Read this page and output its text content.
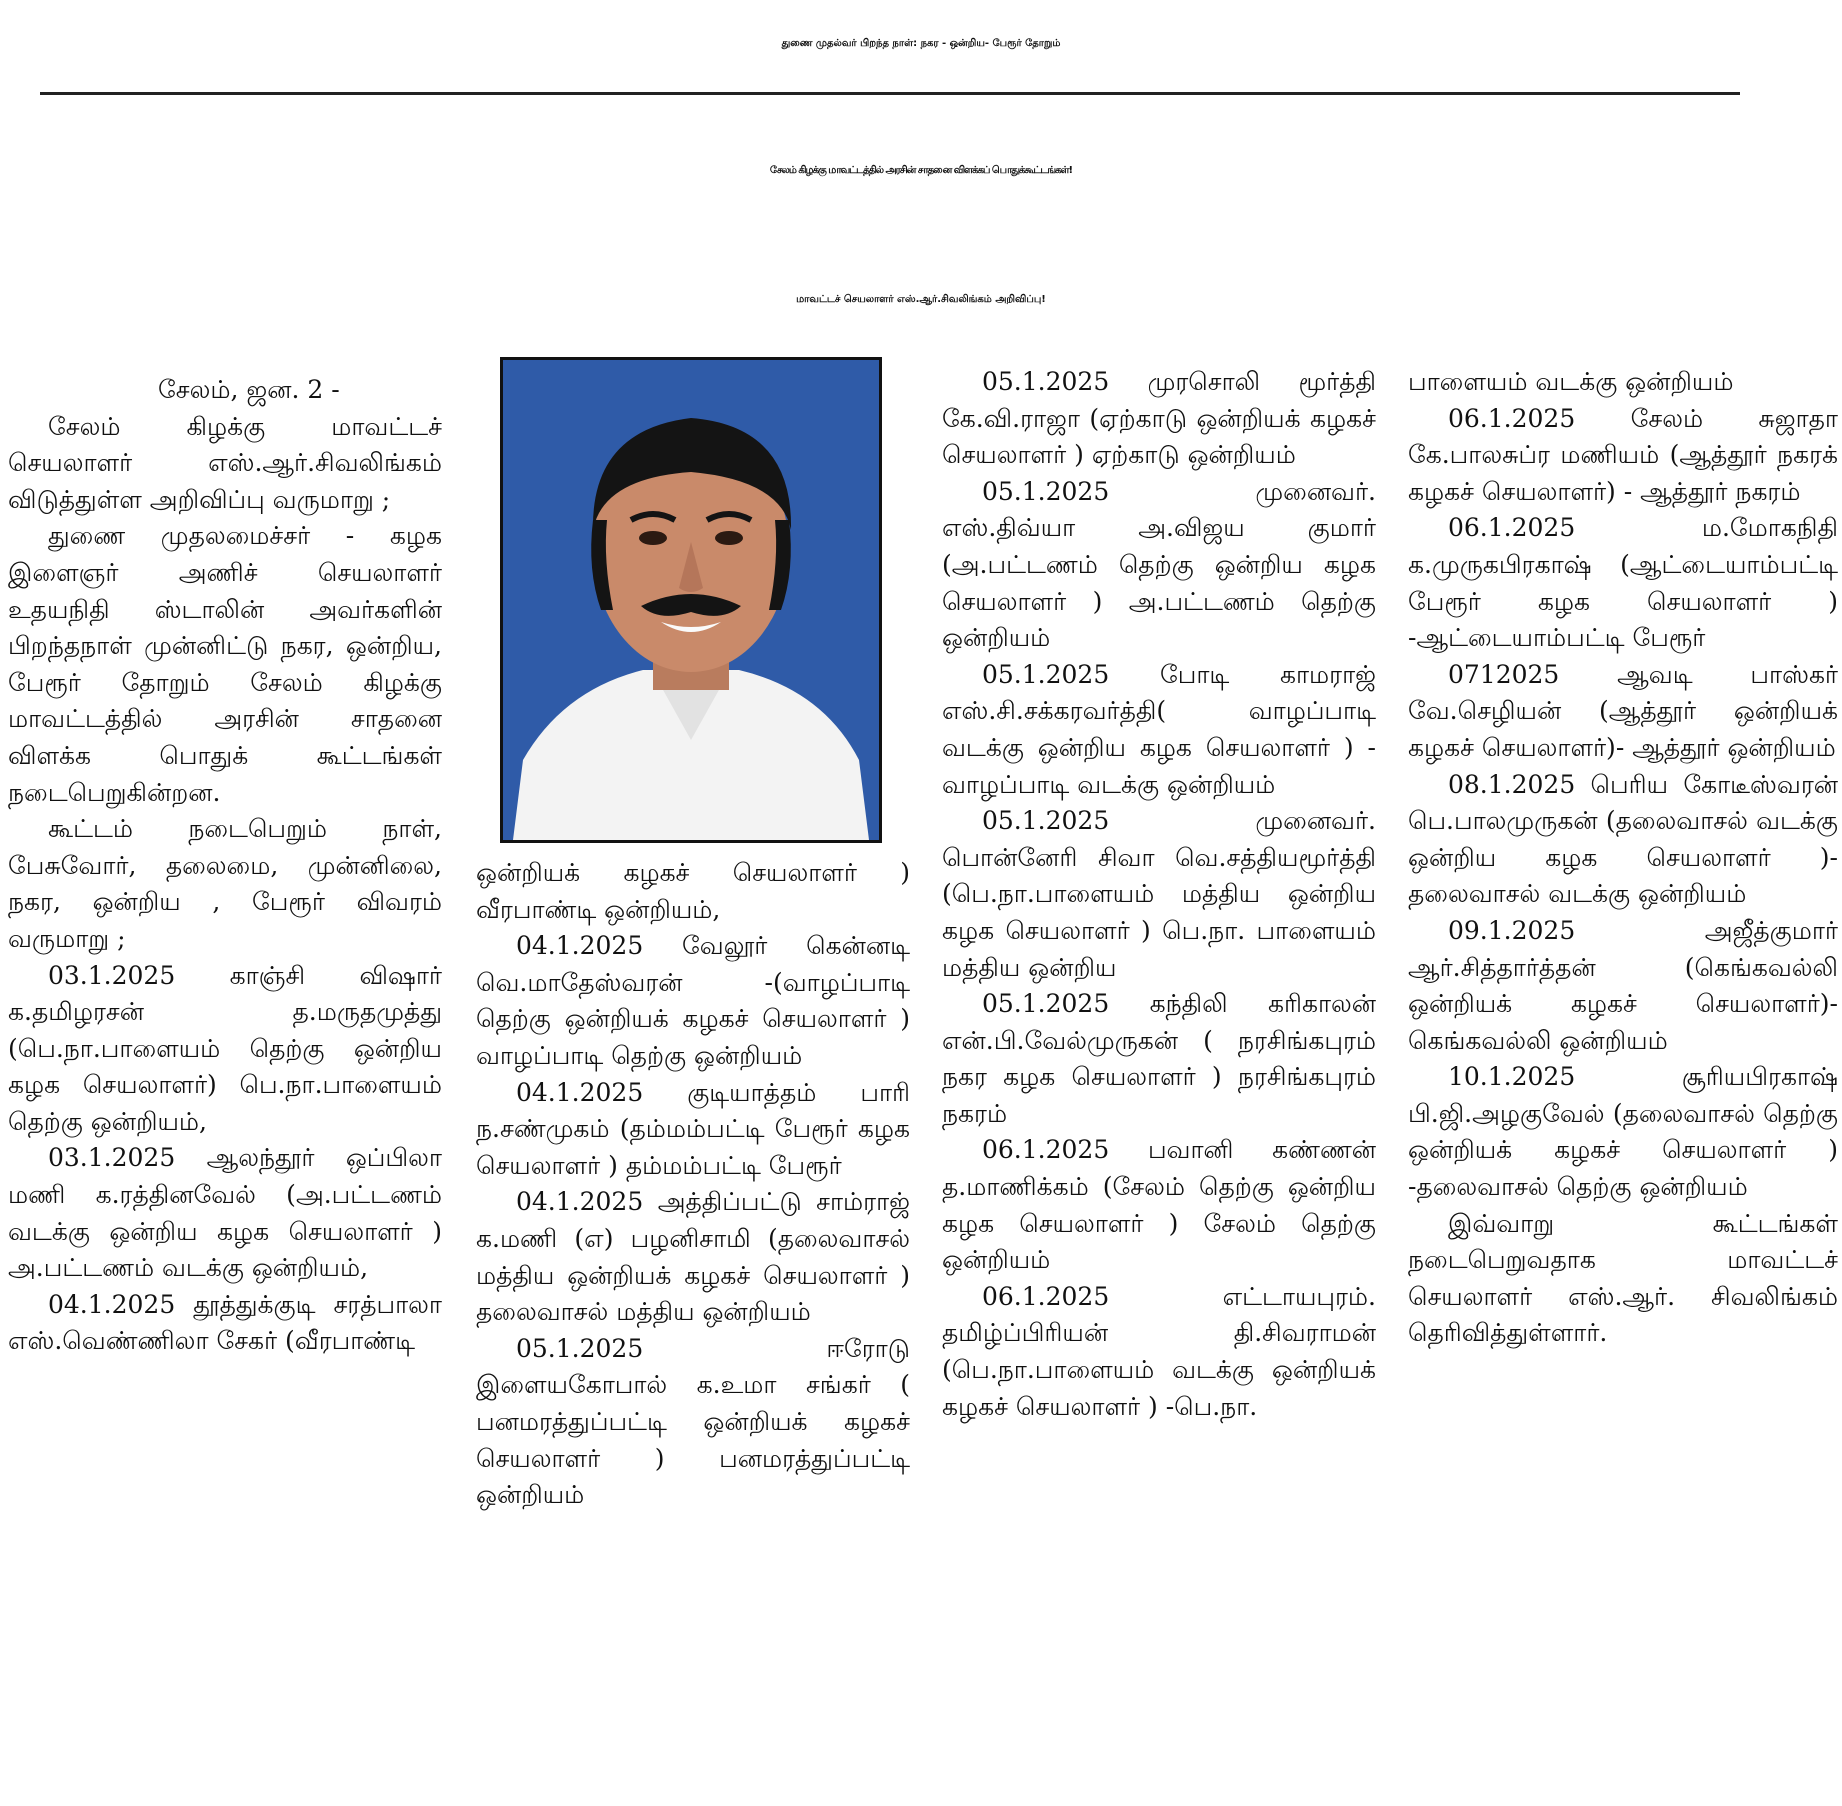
துணை முதல்வர் பிறந்த நாள்: நகர - ஒன்றிய- பேரூர் தோறும்
சேலம் கிழக்கு மாவட்டத்தில் அரசின் சாதனை விளக்கப் பொதுக்கூட்டங்கள்!
மாவட்டச் செயலாளர் எஸ்.ஆர்.சிவலிங்கம் அறிவிப்பு!

சேலம், ஜன. 2 -

சேலம் கிழக்கு மாவட்டச் செயலாளர் எஸ்.ஆர்.சிவலிங்கம் விடுத்துள்ள அறிவிப்பு வருமாறு ;

துணை முதலமைச்சர் - கழக இளைஞர் அணிச் செயலாளர் உதயநிதி ஸ்டாலின் அவர்களின் பிறந்தநாள் முன்னிட்டு நகர, ஒன்றிய, பேரூர் தோறும் சேலம் கிழக்கு மாவட்டத்தில் அரசின் சாதனை விளக்க பொதுக் கூட்டங்கள் நடைபெறுகின்றன.

கூட்டம் நடைபெறும் நாள், பேசுவோர், தலைமை, முன்னிலை, நகர, ஒன்றிய , பேரூர் விவரம் வருமாறு ;

03.1.2025 காஞ்சி விஷார் க.தமிழரசன் த.மருதமுத்து (பெ.நா.பாளையம் தெற்கு ஒன்றிய கழக செயலாளர்) பெ.நா.பாளையம் தெற்கு ஒன்றியம்,

03.1.2025 ஆலந்தூர் ஒப்பிலா மணி க.ரத்தினவேல் (அ.பட்டணம் வடக்கு ஒன்றிய கழக செயலாளர் ) அ.பட்டணம் வடக்கு ஒன்றியம்,

04.1.2025 தூத்துக்குடி சரத்பாலா எஸ்.வெண்ணிலா சேகர் (வீரபாண்டி

ஒன்றியக் கழகச் செயலாளர் ) வீரபாண்டி ஒன்றியம்,

04.1.2025 வேலூர் கென்னடி வெ.மாதேஸ்வரன் -(வாழப்பாடி தெற்கு ஒன்றியக் கழகச் செயலாளர் ) வாழப்பாடி தெற்கு ஒன்றியம்

04.1.2025 குடியாத்தம் பாரி ந.சண்முகம் (தம்மம்பட்டி பேரூர் கழக செயலாளர் ) தம்மம்பட்டி பேரூர்

04.1.2025 அத்திப்பட்டு சாம்ராஜ் க.மணி (எ) பழனிசாமி (தலைவாசல் மத்திய ஒன்றியக் கழகச் செயலாளர் ) தலைவாசல் மத்திய ஒன்றியம்

05.1.2025 ஈரோடு இளையகோபால் க.உமா சங்கர் ( பனமரத்துப்பட்டி ஒன்றியக் கழகச் செயலாளர் ) பனமரத்துப்பட்டி ஒன்றியம்

05.1.2025 முரசொலி மூர்த்தி கே.வி.ராஜா (ஏற்காடு ஒன்றியக் கழகச் செயலாளர் ) ஏற்காடு ஒன்றியம்

05.1.2025 முனைவர். எஸ்.திவ்யா அ.விஜய குமார் (அ.பட்டணம் தெற்கு ஒன்றிய கழக செயலாளர் ) அ.பட்டணம் தெற்கு ஒன்றியம்

05.1.2025 போடி காமராஜ் எஸ்.சி.சக்கரவர்த்தி( வாழப்பாடி வடக்கு ஒன்றிய கழக செயலாளர் ) - வாழப்பாடி வடக்கு ஒன்றியம்

05.1.2025 முனைவர். பொன்னேரி சிவா வெ.சத்தியமூர்த்தி (பெ.நா.பாளையம் மத்திய ஒன்றிய கழக செயலாளர் ) பெ.நா. பாளையம் மத்திய ஒன்றிய

05.1.2025 கந்திலி கரிகாலன் என்.பி.வேல்முருகன் ( நரசிங்கபுரம் நகர கழக செயலாளர் ) நரசிங்கபுரம் நகரம்

06.1.2025 பவானி கண்ணன் த.மாணிக்கம் (சேலம் தெற்கு ஒன்றிய கழக செயலாளர் ) சேலம் தெற்கு ஒன்றியம்

06.1.2025 எட்டாயபுரம். தமிழ்ப்பிரியன் தி.சிவராமன் (பெ.நா.பாளையம் வடக்கு ஒன்றியக் கழகச் செயலாளர் ) -பெ.நா.

பாளையம் வடக்கு ஒன்றியம்

06.1.2025 சேலம் சுஜாதா கே.பாலசுப்ர மணியம் (ஆத்தூர் நகரக் கழகச் செயலாளர்) - ஆத்தூர் நகரம்

06.1.2025 ம.மோகநிதி க.முருகபிரகாஷ் (ஆட்டையாம்பட்டி பேரூர் கழக செயலாளர் ) -ஆட்டையாம்பட்டி பேரூர்

0712025 ஆவடி பாஸ்கர் வே.செழியன் (ஆத்தூர் ஒன்றியக் கழகச் செயலாளர்)- ஆத்தூர் ஒன்றியம்

08.1.2025 பெரிய கோடீஸ்வரன் பெ.பாலமுருகன் (தலைவாசல் வடக்கு ஒன்றிய கழக செயலாளர் )-தலைவாசல் வடக்கு ஒன்றியம்

09.1.2025 அஜீத்குமார் ஆர்.சித்தார்த்தன் (கெங்கவல்லி ஒன்றியக் கழகச் செயலாளர்)- கெங்கவல்லி ஒன்றியம்

10.1.2025 சூரியபிரகாஷ் பி.ஜி.அழகுவேல் (தலைவாசல் தெற்கு ஒன்றியக் கழகச் செயலாளர் ) -தலைவாசல் தெற்கு ஒன்றியம்

இவ்வாறு கூட்டங்கள் நடைபெறுவதாக மாவட்டச் செயலாளர் எஸ்.ஆர். சிவலிங்கம் தெரிவித்துள்ளார்.
